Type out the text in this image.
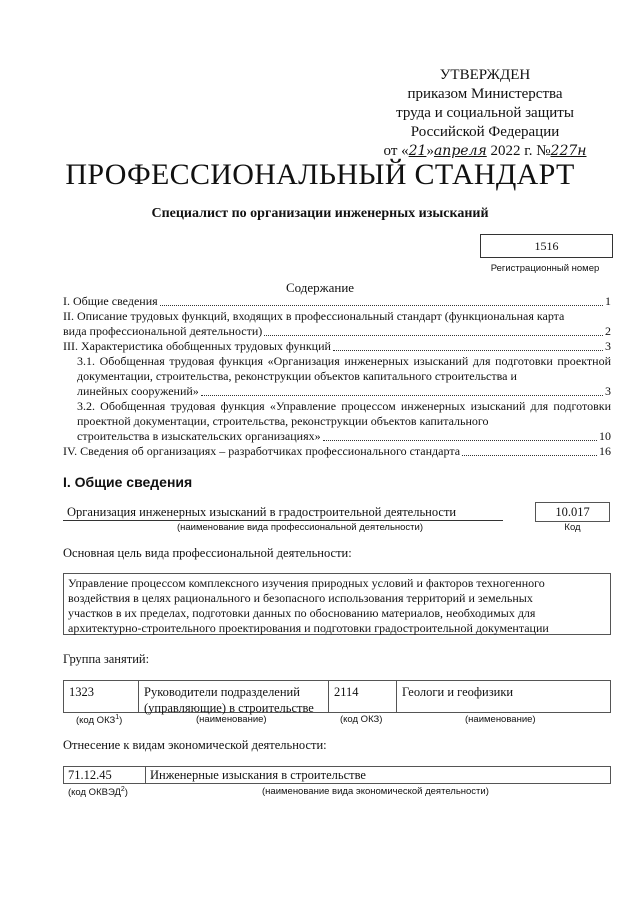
УТВЕРЖДЕН
приказом Министерства
труда и социальной защиты
Российской Федерации
от «21»апреля 2022 г. №227н
ПРОФЕССИОНАЛЬНЫЙ СТАНДАРТ
Специалист по организации инженерных изысканий
1516
Регистрационный номер
Содержание
I. Общие сведения	1
II. Описание трудовых функций, входящих в профессиональный стандарт (функциональная карта
вида профессиональной деятельности)	2
III. Характеристика обобщенных трудовых функций	3
3.1. Обобщенная трудовая функция «Организация инженерных изысканий для подготовки проектной документации, строительства, реконструкции объектов капитального строительства и
линейных сооружений»	3
3.2. Обобщенная трудовая функция «Управление процессом инженерных изысканий для подготовки проектной документации, строительства, реконструкции объектов капитального
строительства в изыскательских организациях»	10
IV. Сведения об организациях – разработчиках профессионального стандарта	16
I. Общие сведения
Организация инженерных изысканий в градостроительной деятельности
(наименование вида профессиональной деятельности)
10.017
Код
Основная цель вида профессиональной деятельности:
Управление процессом комплексного изучения природных условий и факторов техногенного
воздействия в целях рационального и безопасного использования территорий и земельных
участков в их пределах, подготовки данных по обоснованию материалов, необходимых для
архитектурно-строительного проектирования и подготовки градостроительной документации
Группа занятий:
1323	Руководители подразделений
(управляющие) в строительстве
2114	Геологи и геофизики
(код ОКЗ$^1$)	(наименование)	(код ОКЗ)	(наименование)
Отнесение к видам экономической деятельности:
71.12.45	Инженерные изыскания в строительстве
(код ОКВЭД$^2$)	(наименование вида экономической деятельности)
